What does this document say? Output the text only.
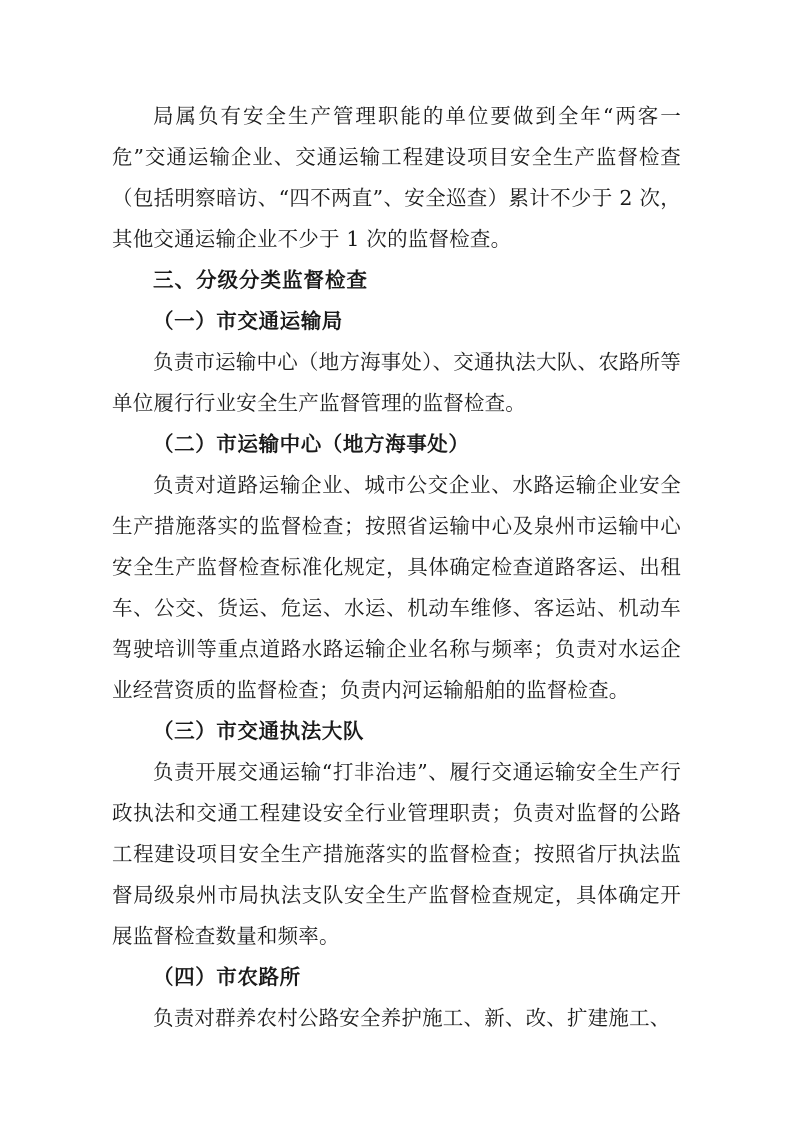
局属负有安全生产管理职能的单位要做到全年“两客一危”交通运输企业、交通运输工程建设项目安全生产监督检查（包括明察暗访、“四不两直”、安全巡查）累计不少于 2 次，其他交通运输企业不少于 1 次的监督检查。

三、分级分类监督检查

（一）市交通运输局

负责市运输中心（地方海事处）、交通执法大队、农路所等单位履行行业安全生产监督管理的监督检查。

（二）市运输中心（地方海事处）

负责对道路运输企业、城市公交企业、水路运输企业安全生产措施落实的监督检查；按照省运输中心及泉州市运输中心安全生产监督检查标准化规定，具体确定检查道路客运、出租车、公交、货运、危运、水运、机动车维修、客运站、机动车驾驶培训等重点道路水路运输企业名称与频率；负责对水运企业经营资质的监督检查；负责内河运输船舶的监督检查。

（三）市交通执法大队

负责开展交通运输“打非治违”、履行交通运输安全生产行政执法和交通工程建设安全行业管理职责；负责对监督的公路工程建设项目安全生产措施落实的监督检查；按照省厅执法监督局级泉州市局执法支队安全生产监督检查规定，具体确定开展监督检查数量和频率。

（四）市农路所

负责对群养农村公路安全养护施工、新、改、扩建施工、
